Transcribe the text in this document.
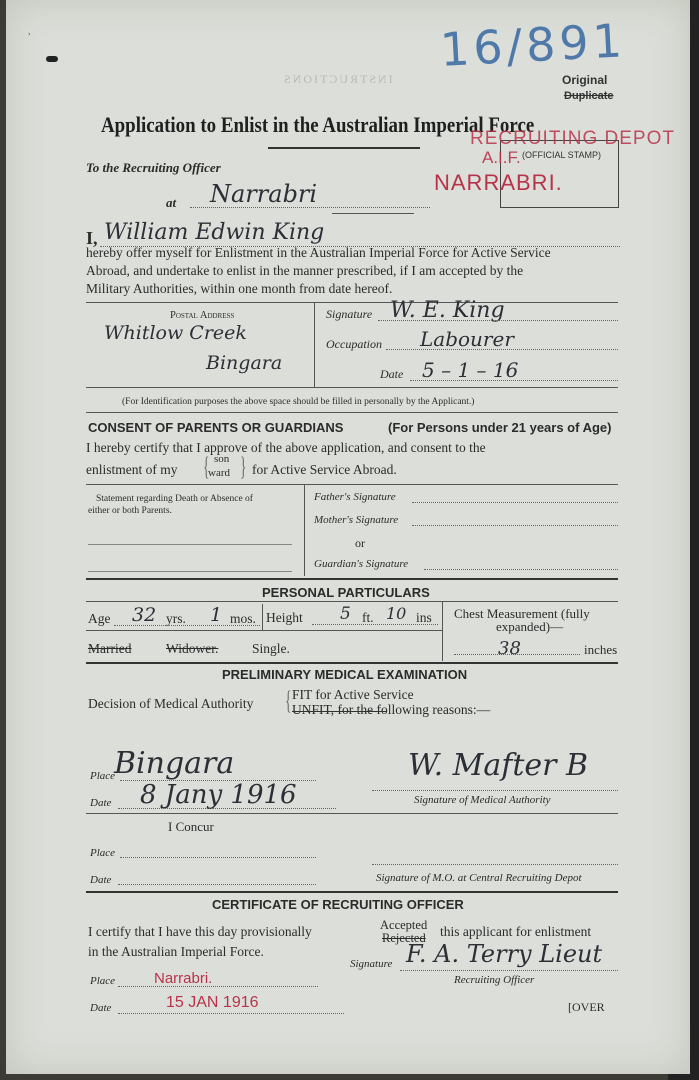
,	16/891
Original
Duplicate
INSTRUCTIONS
Application to Enlist in the Australian Imperial Force
RECRUITING DEPOT
A.I.F. (OFFICIAL STAMP)
NARRABRI.
To the Recruiting Officer
at Narrabri
I, William Edwin King
hereby offer myself for Enlistment in the Australian Imperial Force for Active Service
Abroad, and undertake to enlist in the manner prescribed, if I am accepted by the
Military Authorities, within one month from date hereof.
Postal Address
Whitlow Creek
Bingara
Signature W. E. King
Occupation Labourer
Date 5 – 1 – 16
(For Identification purposes the above space should be filled in personally by the Applicant.)
CONSENT OF PARENTS OR GUARDIANS	(For Persons under 21 years of Age)
I hereby certify that I approve of the above application, and consent to the
enlistment of my
son
ward
{ } for Active Service Abroad.
Statement regarding Death or Absence of
either or both Parents.
Father's Signature
Mother's Signature
or
Guardian's Signature
PERSONAL PARTICULARS
Age 32 yrs. 1 mos. Height 5 ft. 10 ins Chest Measurement (fully
expanded)—
38	inches
Married	Widower. Single.
PRELIMINARY MEDICAL EXAMINATION
Decision of Medical Authority { FIT for Active Service
UNFIT, for the following reasons:—
Place
Bingara
Date 8 Jany 1916
W. Mafter B
Signature of Medical Authority
I Concur
Place
Date	Signature of M.O. at Central Recruiting Depot
CERTIFICATE OF RECRUITING OFFICER
I certify that I have this day provisionally	Accepted
Rejected this applicant for enlistment
in the Australian Imperial Force.
Signature F. A. Terry Lieut
Recruiting Officer
Place	Narrabri.
Date	15 JAN 1916	[OVER
